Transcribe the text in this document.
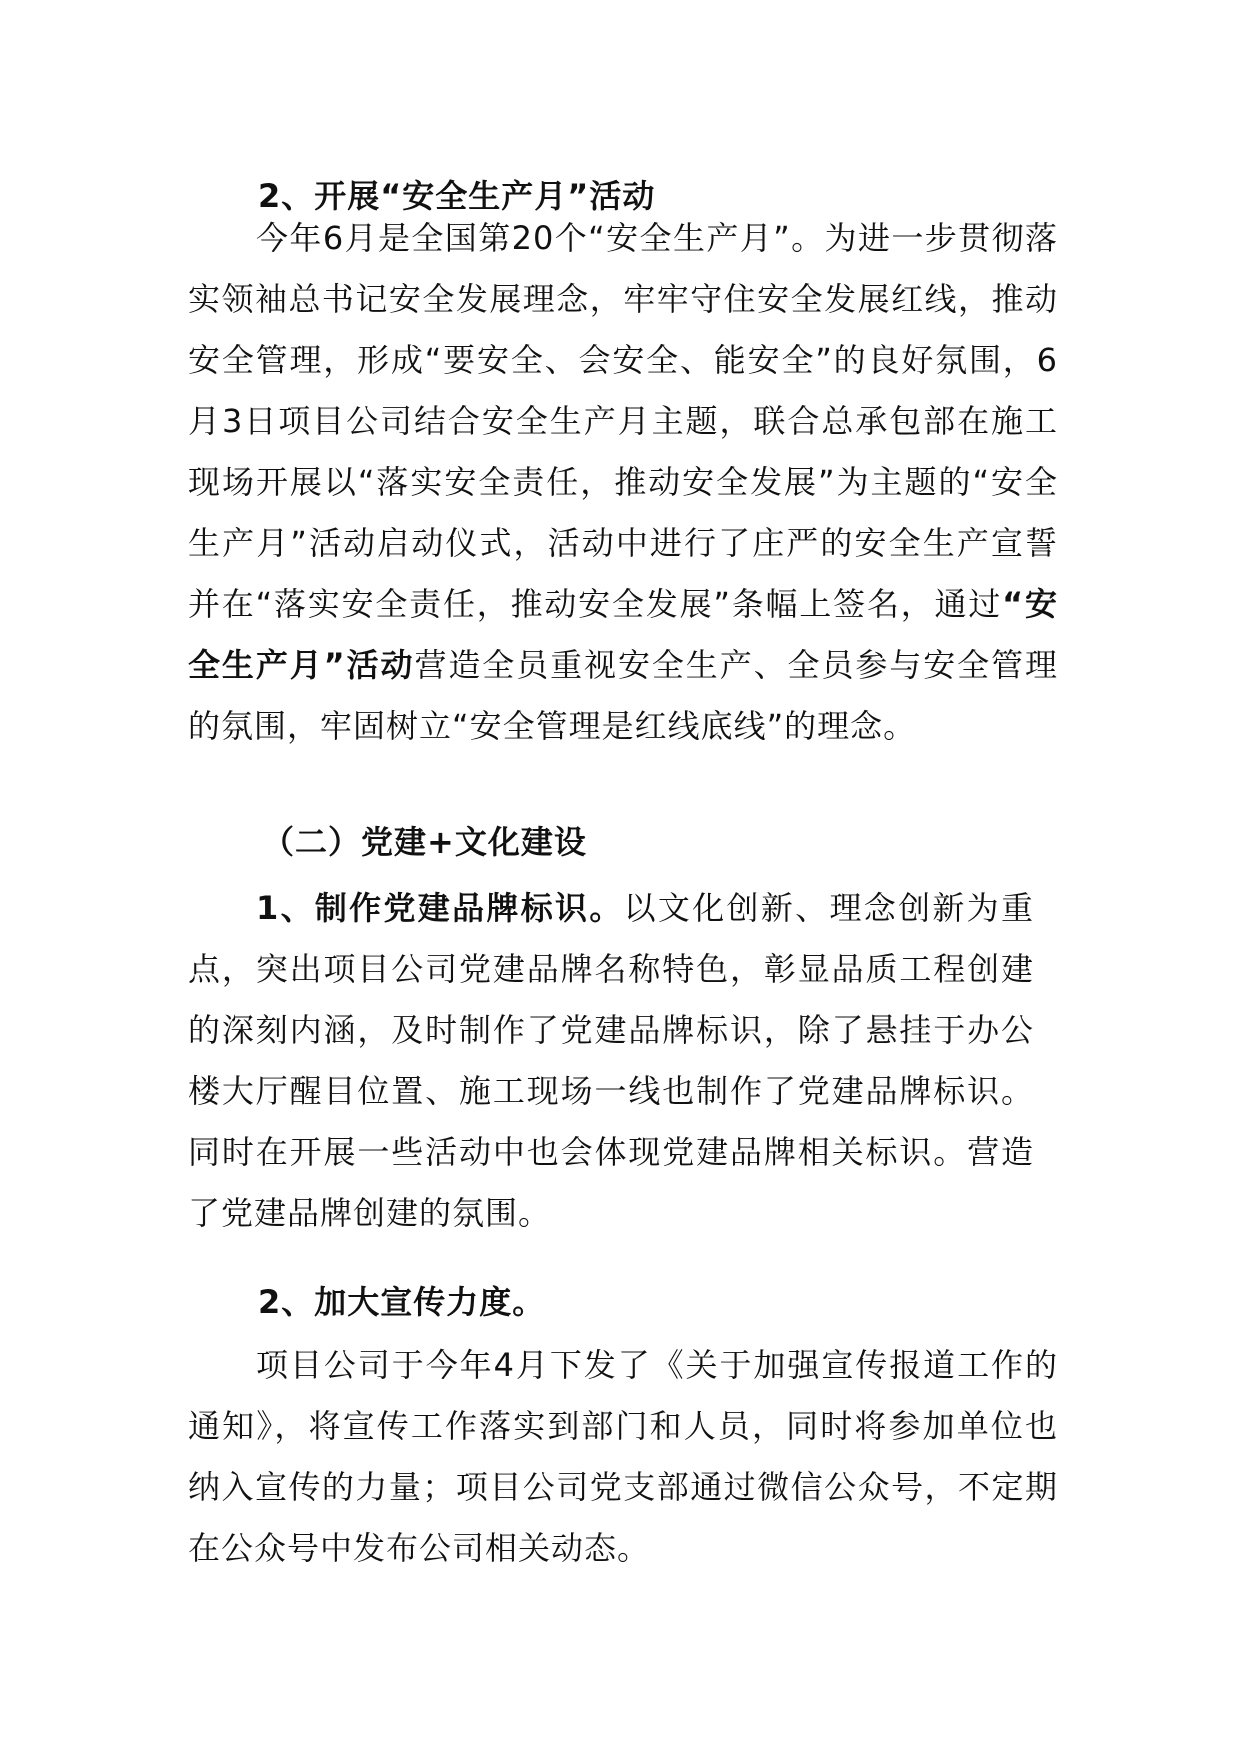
2、开展“安全生产月”活动
今年6月是全国第20个“安全生产月”。为进一步贯彻落实领袖总书记安全发展理念，牢牢守住安全发展红线，推动安全管理，形成“要安全、会安全、能安全”的良好氛围，6月3日项目公司结合安全生产月主题，联合总承包部在施工现场开展以“落实安全责任，推动安全发展”为主题的“安全生产月”活动启动仪式，活动中进行了庄严的安全生产宣誓并在“落实安全责任，推动安全发展”条幅上签名，通过“安全生产月”活动营造全员重视安全生产、全员参与安全管理的氛围，牢固树立“安全管理是红线底线”的理念。
（二）党建+文化建设
1、制作党建品牌标识。以文化创新、理念创新为重点，突出项目公司党建品牌名称特色，彰显品质工程创建的深刻内涵，及时制作了党建品牌标识，除了悬挂于办公楼大厅醒目位置、施工现场一线也制作了党建品牌标识。同时在开展一些活动中也会体现党建品牌相关标识。营造了党建品牌创建的氛围。
2、加大宣传力度。
项目公司于今年4月下发了《关于加强宣传报道工作的通知》，将宣传工作落实到部门和人员，同时将参加单位也纳入宣传的力量；项目公司党支部通过微信公众号，不定期在公众号中发布公司相关动态。
